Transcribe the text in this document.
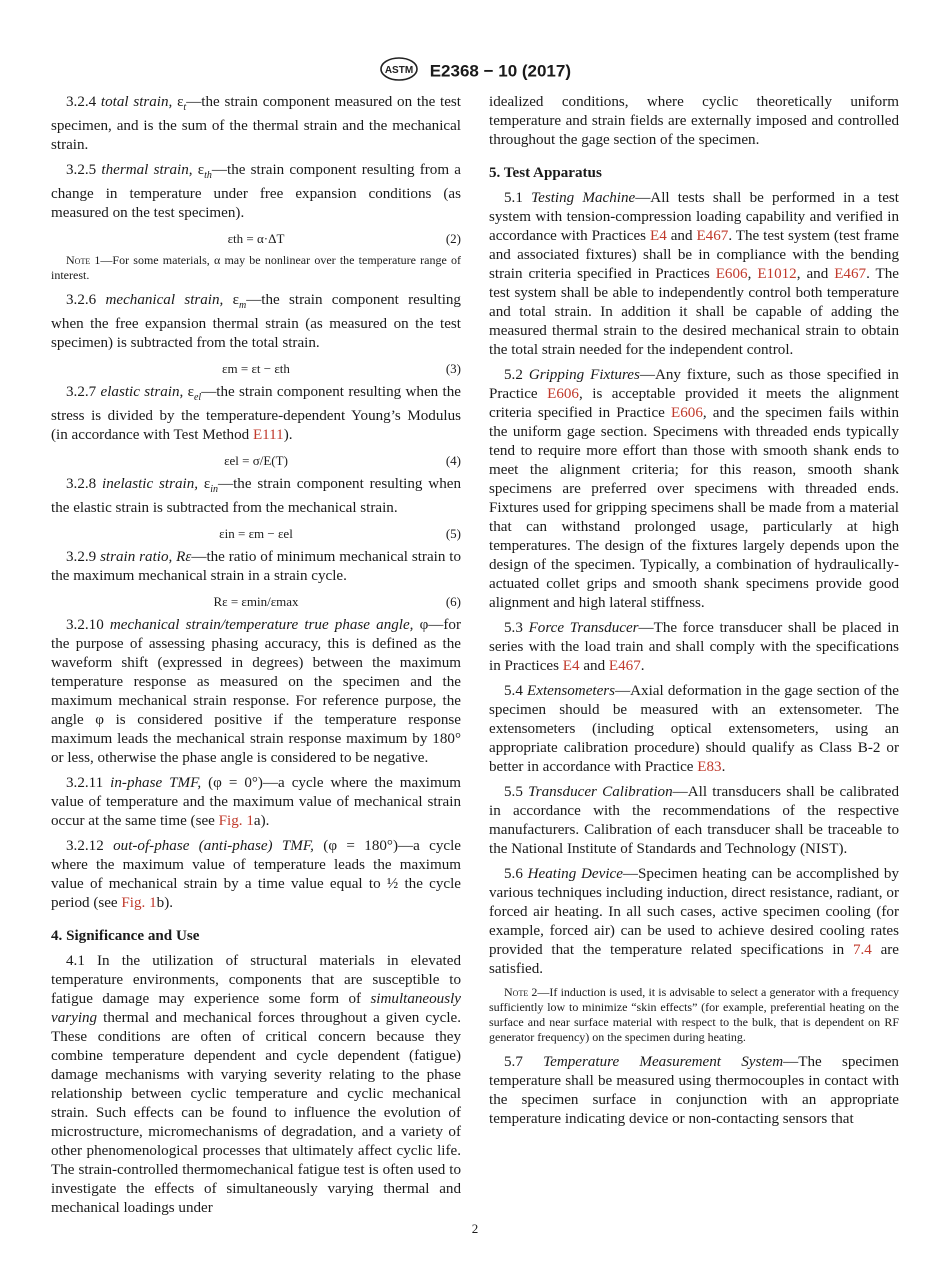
ASTM E2368 − 10 (2017)

3.2.4 total strain, $\varepsilon_t—the$ strain component measured on the test specimen, and is the sum of the thermal strain and the mechanical strain.

3.2.5 thermal strain, $\varepsilon_{th}—the$ strain component resulting from a change in temperature under free expansion conditions (as measured on the test specimen).

εth = α·ΔT	(2)
Note 1—For some materials, α may be nonlinear over the temperature range of interest.

3.2.6 mechanical strain, $\varepsilon_m—the$ strain component resulting when the free expansion thermal strain (as measured on the test specimen) is subtracted from the total strain.

εm = εt − εth	(3)

3.2.7 elastic strain, $\varepsilon_{el}—the$ strain component resulting when the stress is divided by the temperature-dependent Young’s Modulus (in accordance with Test Method E111).

εel = σ/E(T)	(4)

3.2.8 inelastic strain, $\varepsilon_{in}—the$ strain component resulting when the elastic strain is subtracted from the mechanical strain.

εin = εm − εel	(5)

3.2.9 strain ratio, Rε—the ratio of minimum mechanical strain to the maximum mechanical strain in a strain cycle.

Rε = εmin/εmax	(6)

3.2.10 mechanical strain/temperature true phase angle, φ—for the purpose of assessing phasing accuracy, this is defined as the waveform shift (expressed in degrees) between the maximum temperature response as measured on the specimen and the maximum mechanical strain response. For reference purpose, the angle φ is considered positive if the temperature response maximum leads the mechanical strain response maximum by 180° or less, otherwise the phase angle is considered to be negative.

3.2.11 in-phase TMF, (φ = 0°)—a cycle where the maximum value of temperature and the maximum value of mechanical strain occur at the same time (see Fig. 1a).

3.2.12 out-of-phase (anti-phase) TMF, (φ = 180°)—a cycle where the maximum value of temperature leads the maximum value of mechanical strain by a time value equal to ½ the cycle period (see Fig. 1b).

4. Significance and Use

4.1 In the utilization of structural materials in elevated temperature environments, components that are susceptible to fatigue damage may experience some form of simultaneously varying thermal and mechanical forces throughout a given cycle. These conditions are often of critical concern because they combine temperature dependent and cycle dependent (fatigue) damage mechanisms with varying severity relating to the phase relationship between cyclic temperature and cyclic mechanical strain. Such effects can be found to influence the evolution of microstructure, micromechanisms of degradation, and a variety of other phenomenological processes that ultimately affect cyclic life. The strain-controlled thermomechanical fatigue test is often used to investigate the effects of simultaneously varying thermal and mechanical loadings under

idealized conditions, where cyclic theoretically uniform temperature and strain fields are externally imposed and controlled throughout the gage section of the specimen.

5. Test Apparatus

5.1 Testing Machine—All tests shall be performed in a test system with tension-compression loading capability and verified in accordance with Practices E4 and E467. The test system (test frame and associated fixtures) shall be in compliance with the bending strain criteria specified in Practices E606, E1012, and E467. The test system shall be able to independently control both temperature and total strain. In addition it shall be capable of adding the measured thermal strain to the desired mechanical strain to obtain the total strain needed for the independent control.

5.2 Gripping Fixtures—Any fixture, such as those specified in Practice E606, is acceptable provided it meets the alignment criteria specified in Practice E606, and the specimen fails within the uniform gage section. Specimens with threaded ends typically tend to require more effort than those with smooth shank ends to meet the alignment criteria; for this reason, smooth shank specimens are preferred over specimens with threaded ends. Fixtures used for gripping specimens shall be made from a material that can withstand prolonged usage, particularly at high temperatures. The design of the fixtures largely depends upon the design of the specimen. Typically, a combination of hydraulically-actuated collet grips and smooth shank specimens provide good alignment and high lateral stiffness.

5.3 Force Transducer—The force transducer shall be placed in series with the load train and shall comply with the specifications in Practices E4 and E467.

5.4 Extensometers—Axial deformation in the gage section of the specimen should be measured with an extensometer. The extensometers (including optical extensometers, using an appropriate calibration procedure) should qualify as Class B-2 or better in accordance with Practice E83.

5.5 Transducer Calibration—All transducers shall be calibrated in accordance with the recommendations of the respective manufacturers. Calibration of each transducer shall be traceable to the National Institute of Standards and Technology (NIST).

5.6 Heating Device—Specimen heating can be accomplished by various techniques including induction, direct resistance, radiant, or forced air heating. In all such cases, active specimen cooling (for example, forced air) can be used to achieve desired cooling rates provided that the temperature related specifications in 7.4 are satisfied.

Note 2—If induction is used, it is advisable to select a generator with a frequency sufficiently low to minimize “skin effects” (for example, preferential heating on the surface and near surface material with respect to the bulk, that is dependent on RF generator frequency) on the specimen during heating.

5.7 Temperature Measurement System—The specimen temperature shall be measured using thermocouples in contact with the specimen surface in conjunction with an appropriate temperature indicating device or non-contacting sensors that

2
